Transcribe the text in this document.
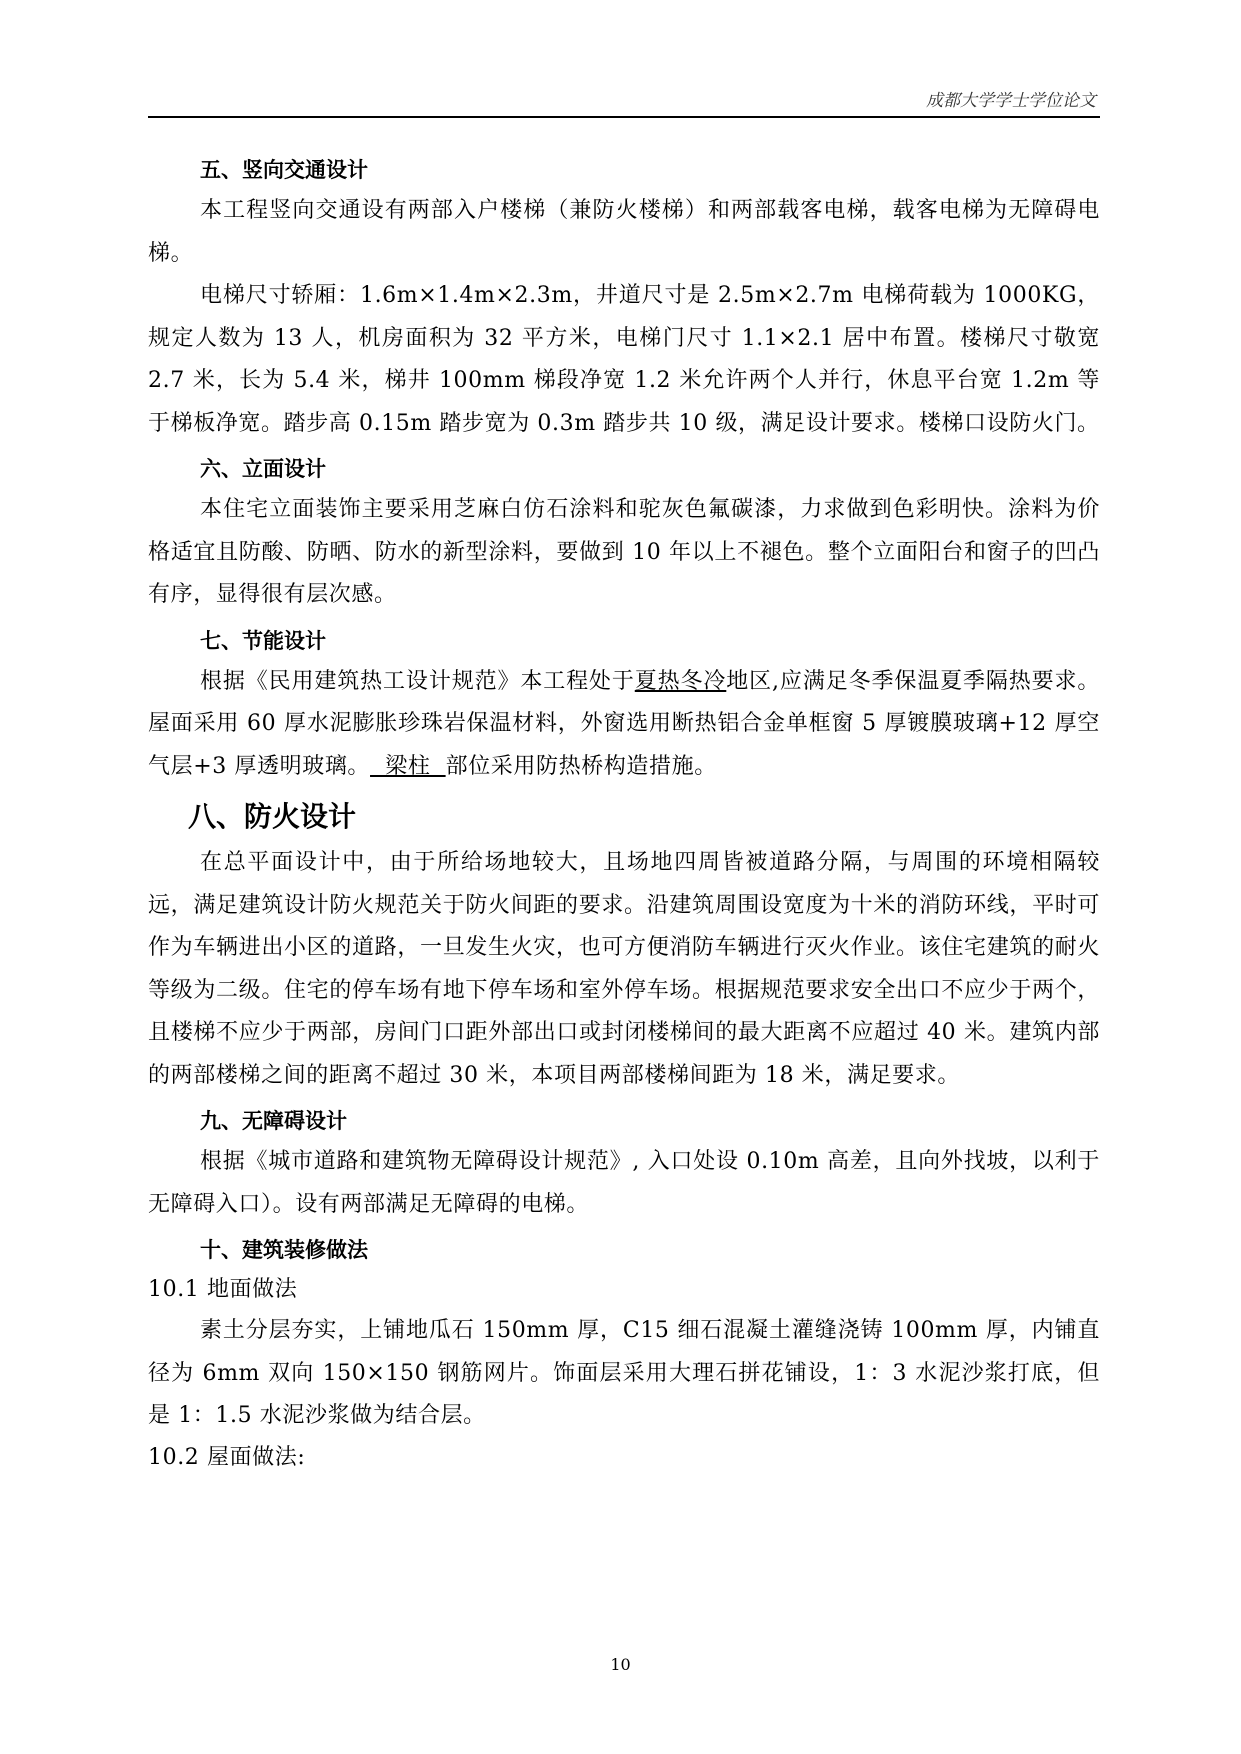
成都大学学士学位论文
五、竖向交通设计

本工程竖向交通设有两部入户楼梯（兼防火楼梯）和两部载客电梯，载客电梯为无障碍电梯。

电梯尺寸轿厢：1.6m×1.4m×2.3m，井道尺寸是 2.5m×2.7m 电梯荷载为 1000KG，规定人数为 13 人，机房面积为 32 平方米，电梯门尺寸 1.1×2.1 居中布置。楼梯尺寸敬宽 2.7 米，长为 5.4 米，梯井 100mm 梯段净宽 1.2 米允许两个人并行，休息平台宽 1.2m 等于梯板净宽。踏步高 0.15m 踏步宽为 0.3m 踏步共 10 级，满足设计要求。楼梯口设防火门。

六、立面设计

本住宅立面装饰主要采用芝麻白仿石涂料和驼灰色氟碳漆，力求做到色彩明快。涂料为价格适宜且防酸、防晒、防水的新型涂料，要做到 10 年以上不褪色。整个立面阳台和窗子的凹凸有序，显得很有层次感。

七、节能设计

根据《民用建筑热工设计规范》本工程处于夏热冬冷地区,应满足冬季保温夏季隔热要求。屋面采用 60 厚水泥膨胀珍珠岩保温材料，外窗选用断热铝合金单框窗 5 厚镀膜玻璃+12 厚空气层+3 厚透明玻璃。  梁柱  部位采用防热桥构造措施。

八、防火设计

在总平面设计中，由于所给场地较大，且场地四周皆被道路分隔，与周围的环境相隔较远，满足建筑设计防火规范关于防火间距的要求。沿建筑周围设宽度为十米的消防环线，平时可作为车辆进出小区的道路，一旦发生火灾，也可方便消防车辆进行灭火作业。该住宅建筑的耐火等级为二级。住宅的停车场有地下停车场和室外停车场。根据规范要求安全出口不应少于两个，且楼梯不应少于两部，房间门口距外部出口或封闭楼梯间的最大距离不应超过 40 米。建筑内部的两部楼梯之间的距离不超过 30 米，本项目两部楼梯间距为 18 米，满足要求。

九、无障碍设计

根据《城市道路和建筑物无障碍设计规范》, 入口处设 0.10m 高差，且向外找坡，以利于无障碍入口）。设有两部满足无障碍的电梯。

十、建筑装修做法

10.1 地面做法

素土分层夯实，上铺地瓜石 150mm 厚，C15 细石混凝土灌缝浇铸 100mm 厚，内铺直径为 6mm 双向 150×150 钢筋网片。饰面层采用大理石拼花铺设，1：3 水泥沙浆打底，但是 1：1.5 水泥沙浆做为结合层。

10.2 屋面做法:

10
